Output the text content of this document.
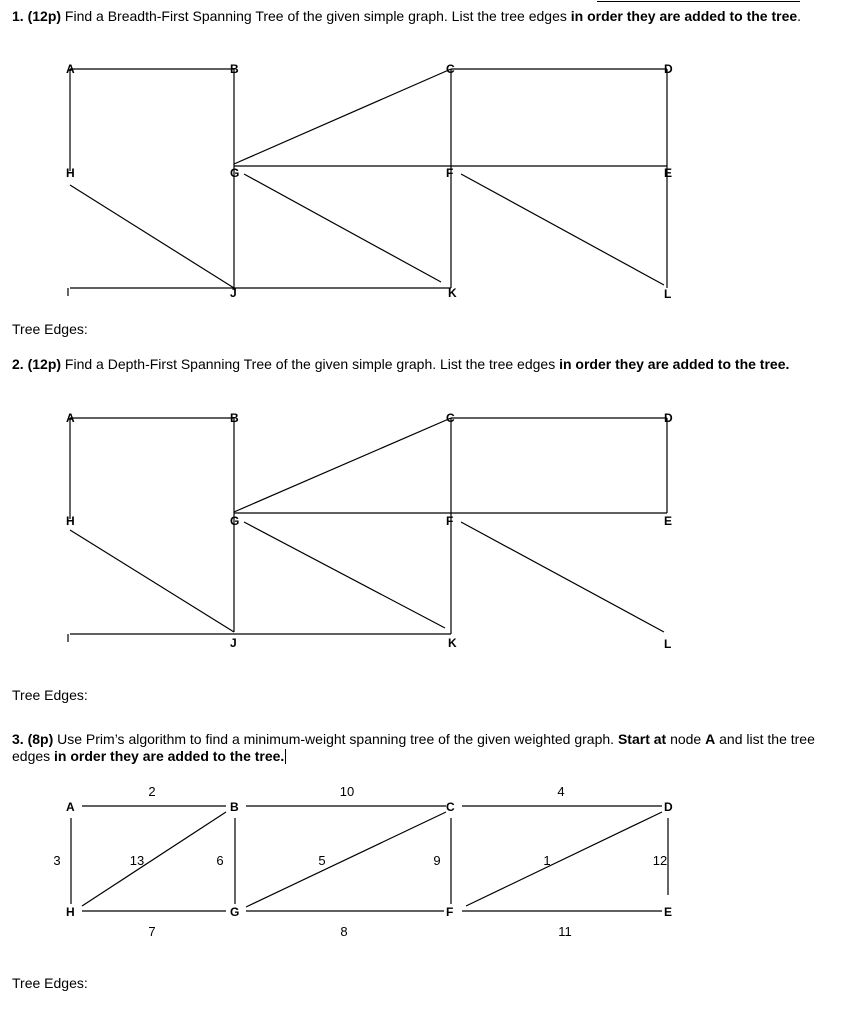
1. (12p) Find a Breadth-First Spanning Tree of the given simple graph. List the tree edges in order they are added to the tree.
A	B	C	D
H	G	F	E
J	K	L
Tree Edges:
2. (12p) Find a Depth-First Spanning Tree of the given simple graph. List the tree edges in order they are added to the tree.
A	B	C	D
H	G	F	E
J	K	L
Tree Edges:
3. (8p) Use Prim’s algorithm to find a minimum-weight spanning tree of the given weighted graph. Start at node A and list the tree edges in order they are added to the tree.
A	B	C	D
H	G	F	E
2	10	4
3	13	6	5	9	1	12
7	8	11
Tree Edges:
